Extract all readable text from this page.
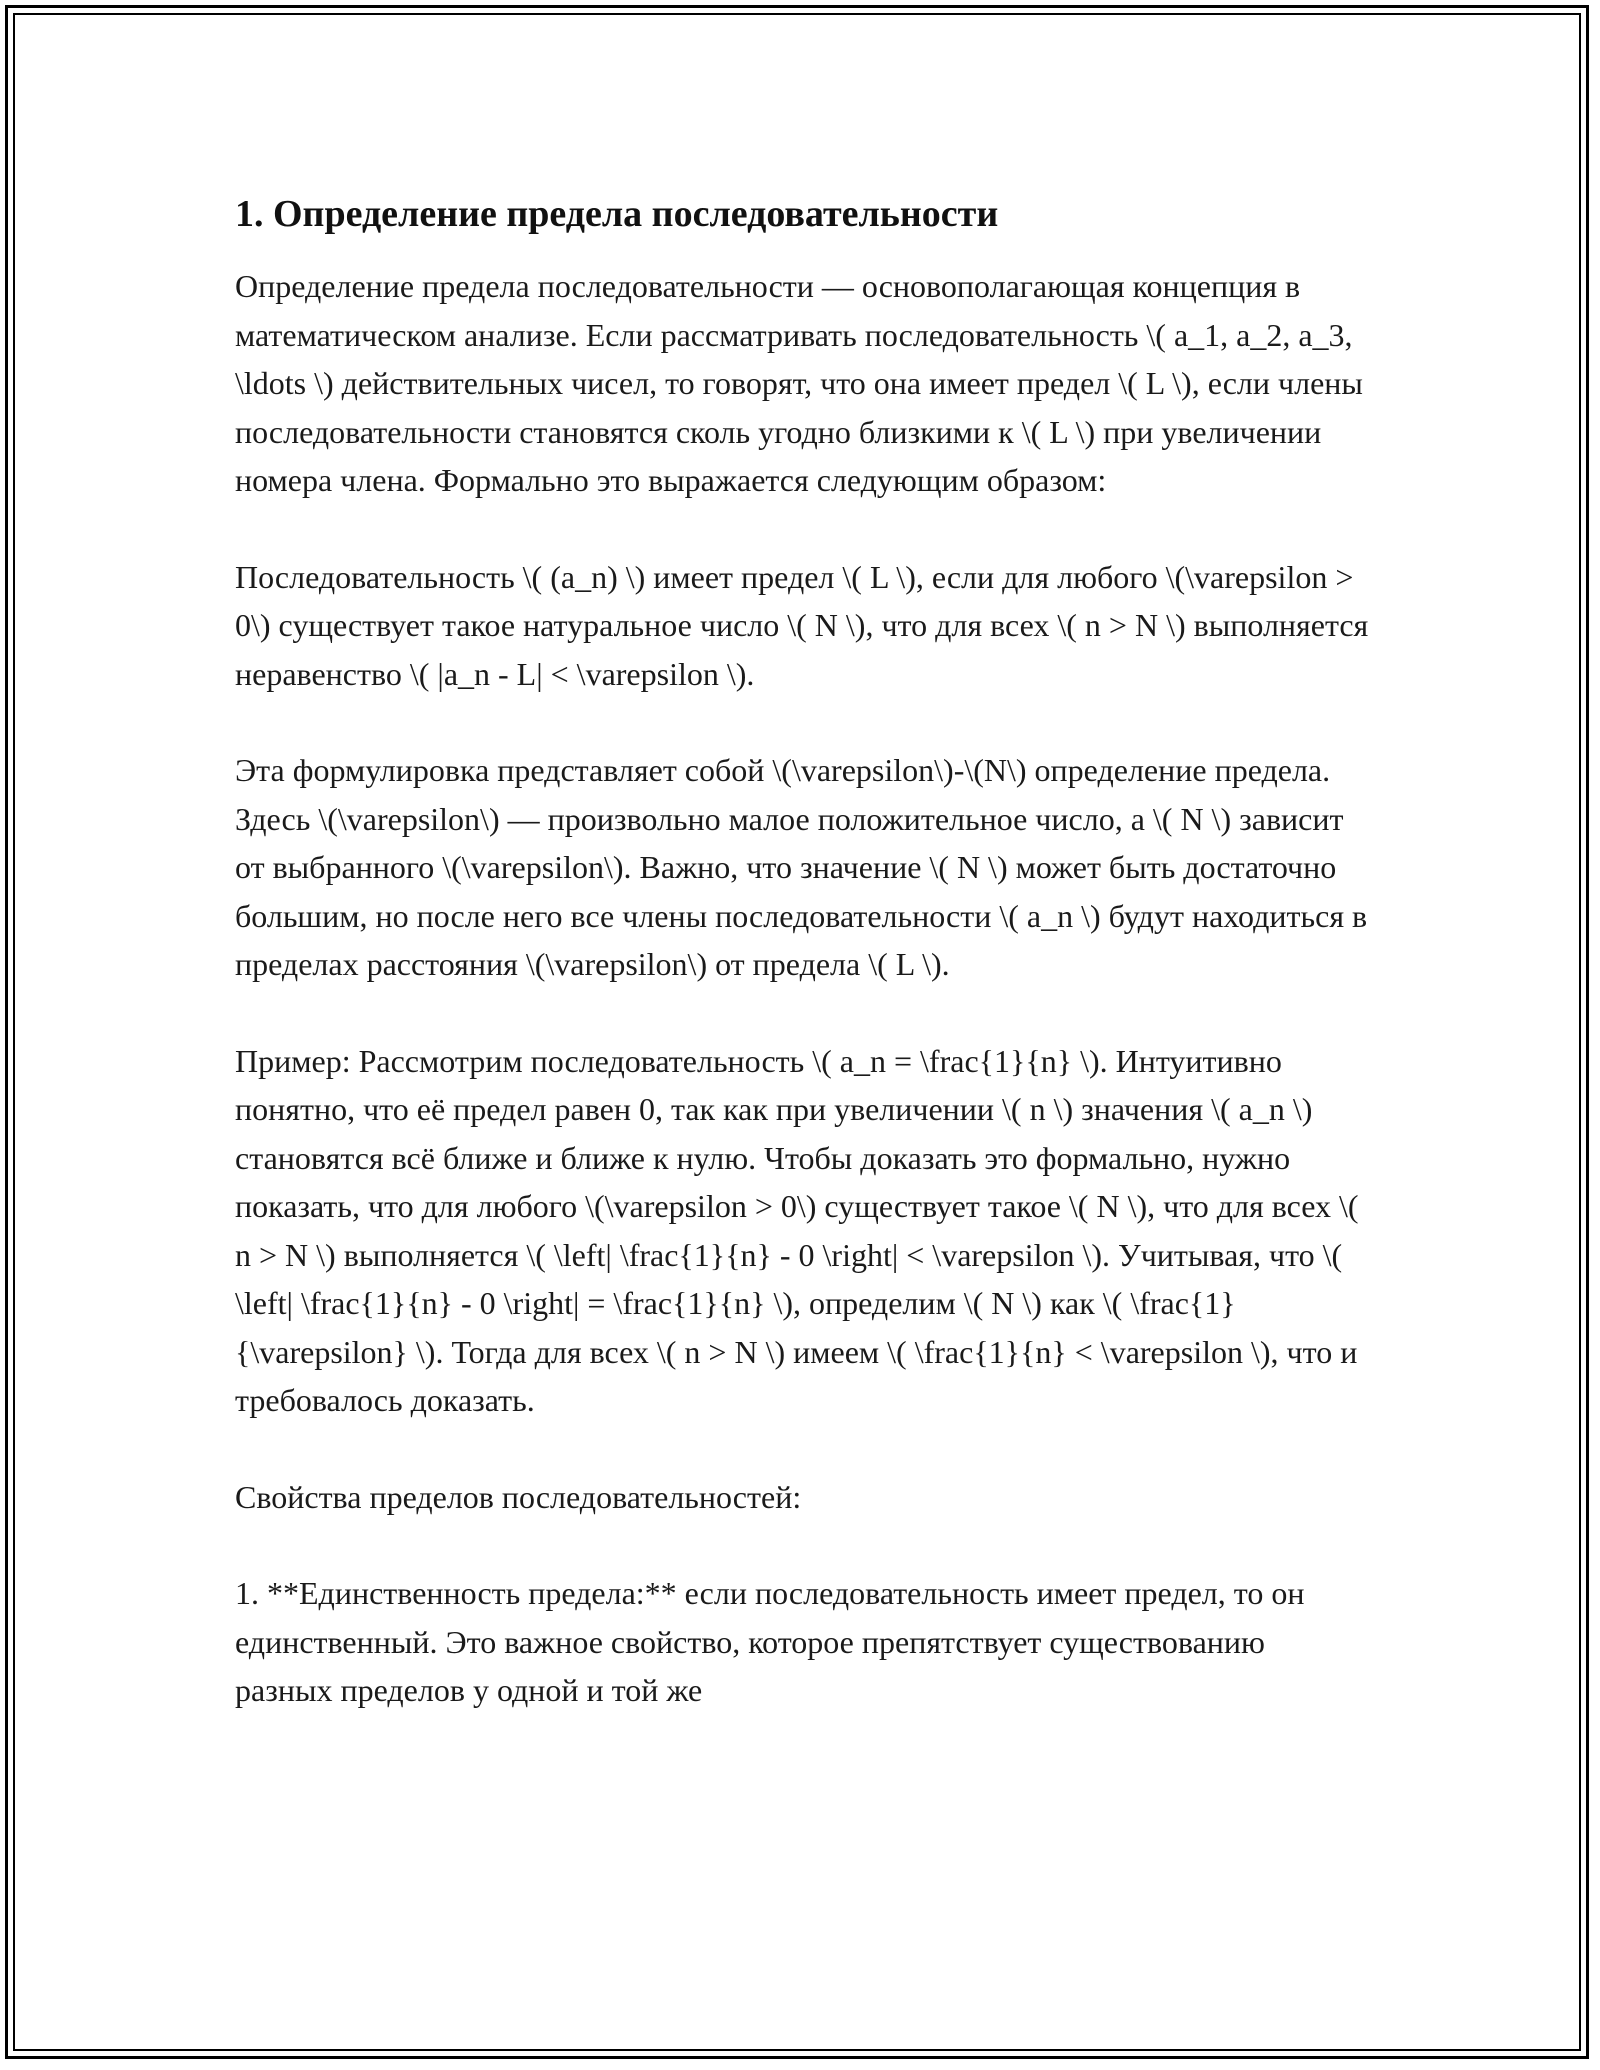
1. Определение предела последовательности

Определение предела последовательности — основополагающая концепция в математическом анализе. Если рассматривать последовательность \( a_1, a_2, a_3, \ldots \) действительных чисел, то говорят, что она имеет предел \( L \), если члены последовательности становятся сколь угодно близкими к \( L \) при увеличении номера члена. Формально это выражается следующим образом:

Последовательность \( (a_n) \) имеет предел \( L \), если для любого \(\varepsilon > 0\) существует такое натуральное число \( N \), что для всех \( n > N \) выполняется неравенство \( |a_n - L| < \varepsilon \).

Эта формулировка представляет собой \(\varepsilon\)-\(N\) определение предела. Здесь \(\varepsilon\) — произвольно малое положительное число, а \( N \) зависит от выбранного \(\varepsilon\). Важно, что значение \( N \) может быть достаточно большим, но после него все члены последовательности \( a_n \) будут находиться в пределах расстояния \(\varepsilon\) от предела \( L \).

Пример: Рассмотрим последовательность \( a_n = \frac{1}{n} \). Интуитивно понятно, что её предел равен 0, так как при увеличении \( n \) значения \( a_n \) становятся всё ближе и ближе к нулю. Чтобы доказать это формально, нужно показать, что для любого \(\varepsilon > 0\) существует такое \( N \), что для всех \( n > N \) выполняется \( \left| \frac{1}{n} - 0 \right| < \varepsilon \). Учитывая, что \( \left| \frac{1}{n} - 0 \right| = \frac{1}{n} \), определим \( N \) как \( \frac{1}{\varepsilon} \). Тогда для всех \( n > N \) имеем \( \frac{1}{n} < \varepsilon \), что и требовалось доказать.

Свойства пределов последовательностей:

1. **Единственность предела:** если последовательность имеет предел, то он единственный. Это важное свойство, которое препятствует существованию разных пределов у одной и той же
